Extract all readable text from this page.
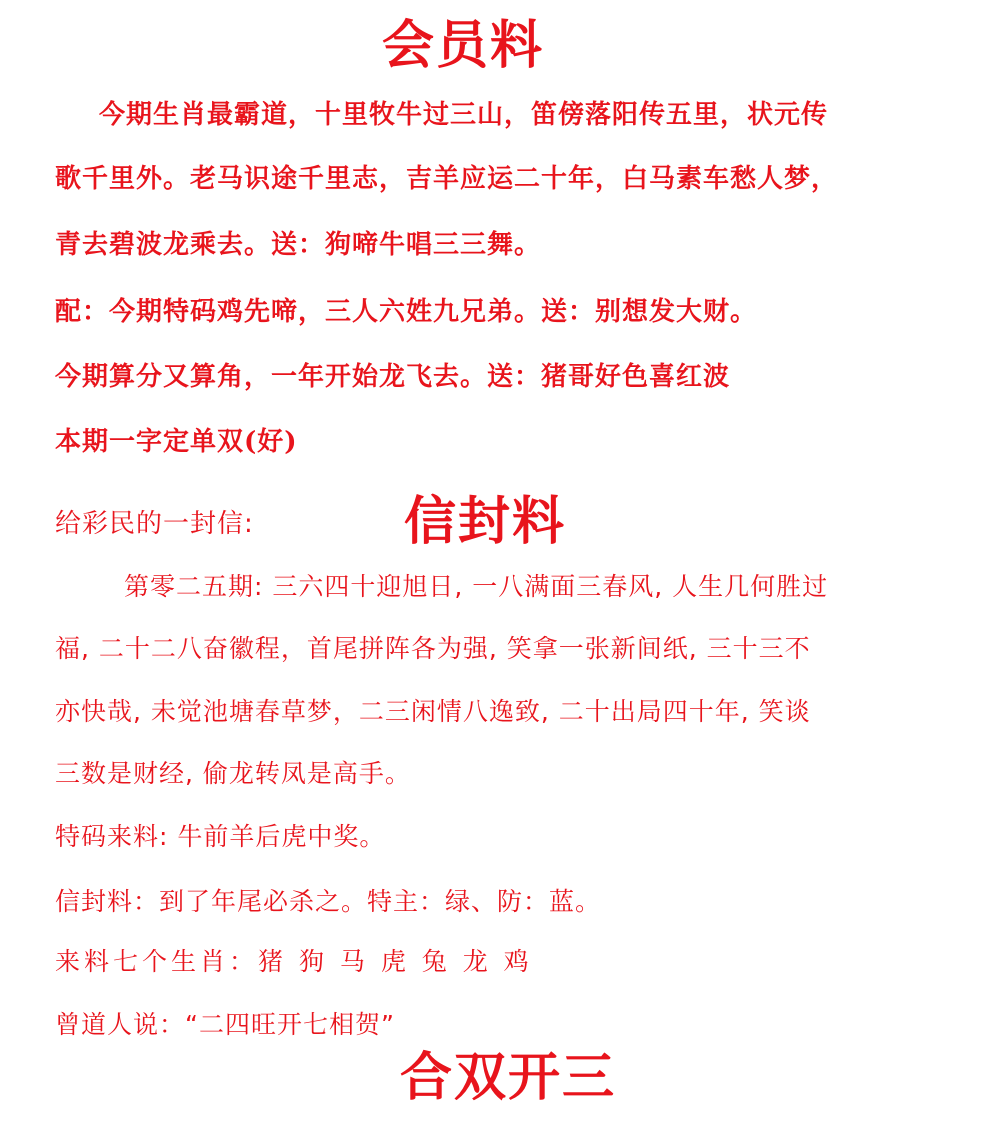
会员料
今期生肖最霸道，十里牧牛过三山，笛傍落阳传五里，状元传
歌千里外。老马识途千里志，吉羊应运二十年，白马素车愁人梦，
青去碧波龙乘去。送：狗啼牛唱三三舞。
配：今期特码鸡先啼，三人六姓九兄弟。送：别想发大财。
今期算分又算角，一年开始龙飞去。送：猪哥好色喜红波
本期一字定单双(好)
给彩民的一封信:	信封料
第零二五期: 三六四十迎旭日, 一八满面三春风, 人生几何胜过
福, 二十二八奋徽程，首尾拼阵各为强, 笑拿一张新间纸, 三十三不
亦快哉, 未觉池塘春草梦，二三闲情八逸致, 二十出局四十年, 笑谈
三数是财经, 偷龙转凤是高手。
特码来料: 牛前羊后虎中奖。
信封料：到了年尾必杀之。特主：绿、防：蓝。
来料七个生肖：猪 狗 马 虎 兔 龙 鸡
曾道人说：“二四旺开七相贺”
合双开三
